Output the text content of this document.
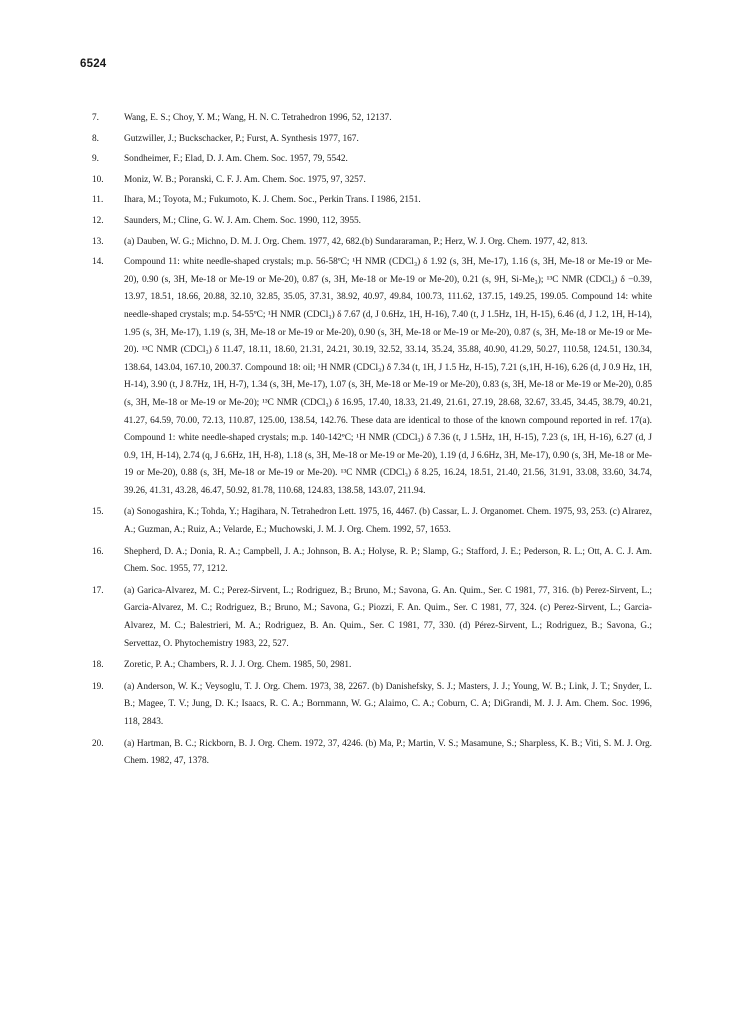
6524
7.	Wang, E. S.; Choy, Y. M.; Wang, H. N. C. Tetrahedron 1996, 52, 12137.
8.	Gutzwiller, J.; Buckschacker, P.; Furst, A. Synthesis 1977, 167.
9.	Sondheimer, F.; Elad, D. J. Am. Chem. Soc. 1957, 79, 5542.
10. Moniz, W. B.; Poranski, C. F. J. Am. Chem. Soc. 1975, 97, 3257.
11. Ihara, M.; Toyota, M.; Fukumoto, K. J. Chem. Soc., Perkin Trans. I 1986, 2151.
12. Saunders, M.; Cline, G. W. J. Am. Chem. Soc. 1990, 112, 3955.
13. (a) Dauben, W. G.; Michno, D. M. J. Org. Chem. 1977, 42, 682.(b) Sundararaman, P.; Herz, W. J. Org. Chem. 1977, 42, 813.
14. Compound 11: white needle-shaped crystals; m.p. 56-58ºC; ¹H NMR (CDCl₃) δ 1.92 (s, 3H, Me-17), 1.16 (s, 3H, Me-18 or Me-19 or Me-20), 0.90 (s, 3H, Me-18 or Me-19 or Me-20), 0.87 (s, 3H, Me-18 or Me-19 or Me-20), 0.21 (s, 9H, Si-Me₃); ¹³C NMR (CDCl₃) δ −0.39, 13.97, 18.51, 18.66, 20.88, 32.10, 32.85, 35.05, 37.31, 38.92, 40.97, 49.84, 100.73, 111.62, 137.15, 149.25, 199.05. Compound 14: white needle-shaped crystals; m.p. 54-55ºC; ¹H NMR (CDCl₃) δ 7.67 (d, J 0.6Hz, 1H, H-16), 7.40 (t, J 1.5Hz, 1H, H-15), 6.46 (d, J 1.2, 1H, H-14), 1.95 (s, 3H, Me-17), 1.19 (s, 3H, Me-18 or Me-19 or Me-20), 0.90 (s, 3H, Me-18 or Me-19 or Me-20), 0.87 (s, 3H, Me-18 or Me-19 or Me-20). ¹³C NMR (CDCl₃) δ 11.47, 18.11, 18.60, 21.31, 24.21, 30.19, 32.52, 33.14, 35.24, 35.88, 40.90, 41.29, 50.27, 110.58, 124.51, 130.34, 138.64, 143.04, 167.10, 200.37. Compound 18: oil; ¹H NMR (CDCl₃) δ 7.34 (t, 1H, J 1.5 Hz, H-15), 7.21 (s,1H, H-16), 6.26 (d, J 0.9 Hz, 1H, H-14), 3.90 (t, J 8.7Hz, 1H, H-7), 1.34 (s, 3H, Me-17), 1.07 (s, 3H, Me-18 or Me-19 or Me-20), 0.83 (s, 3H, Me-18 or Me-19 or Me-20), 0.85 (s, 3H, Me-18 or Me-19 or Me-20); ¹³C NMR (CDCl₃) δ 16.95, 17.40, 18.33, 21.49, 21.61, 27.19, 28.68, 32.67, 33.45, 34.45, 38.79, 40.21, 41.27, 64.59, 70.00, 72.13, 110.87, 125.00, 138.54, 142.76. These data are identical to those of the known compound reported in ref. 17(a). Compound 1: white needle-shaped crystals; m.p. 140-142ºC; ¹H NMR (CDCl₃) δ 7.36 (t, J 1.5Hz, 1H, H-15), 7.23 (s, 1H, H-16), 6.27 (d, J 0.9, 1H, H-14), 2.74 (q, J 6.6Hz, 1H, H-8), 1.18 (s, 3H, Me-18 or Me-19 or Me-20), 1.19 (d, J 6.6Hz, 3H, Me-17), 0.90 (s, 3H, Me-18 or Me-19 or Me-20), 0.88 (s, 3H, Me-18 or Me-19 or Me-20). ¹³C NMR (CDCl₃) δ 8.25, 16.24, 18.51, 21.40, 21.56, 31.91, 33.08, 33.60, 34.74, 39.26, 41.31, 43.28, 46.47, 50.92, 81.78, 110.68, 124.83, 138.58, 143.07, 211.94.
15. (a) Sonogashira, K.; Tohda, Y.; Hagihara, N. Tetrahedron Lett. 1975, 16, 4467. (b) Cassar, L. J. Organomet. Chem. 1975, 93, 253. (c) Alrarez, A.; Guzman, A.; Ruiz, A.; Velarde, E.; Muchowski, J. M. J. Org. Chem. 1992, 57, 1653.
16. Shepherd, D. A.; Donia, R. A.; Campbell, J. A.; Johnson, B. A.; Holyse, R. P.; Slamp, G.; Stafford, J. E.; Pederson, R. L.; Ott, A. C. J. Am. Chem. Soc. 1955, 77, 1212.
17. (a) Garica-Alvarez, M. C.; Perez-Sirvent, L.; Rodriguez, B.; Bruno, M.; Savona, G. An. Quim., Ser. C 1981, 77, 316. (b) Perez-Sirvent, L.; Garcia-Alvarez, M. C.; Rodriguez, B.; Bruno, M.; Savona, G.; Piozzi, F. An. Quim., Ser. C 1981, 77, 324. (c) Perez-Sirvent, L.; Garcia-Alvarez, M. C.; Balestrieri, M. A.; Rodriguez, B. An. Quim., Ser. C 1981, 77, 330. (d) Pérez-Sirvent, L.; Rodriguez, B.; Savona, G.; Servettaz, O. Phytochemistry 1983, 22, 527.
18. Zoretic, P. A.; Chambers, R. J. J. Org. Chem. 1985, 50, 2981.
19. (a) Anderson, W. K.; Veysoglu, T. J. Org. Chem. 1973, 38, 2267. (b) Danishefsky, S. J.; Masters, J. J.; Young, W. B.; Link, J. T.; Snyder, L. B.; Magee, T. V.; Jung, D. K.; Isaacs, R. C. A.; Bornmann, W. G.; Alaimo, C. A.; Coburn, C. A; DiGrandi, M. J. J. Am. Chem. Soc. 1996, 118, 2843.
20. (a) Hartman, B. C.; Rickborn, B. J. Org. Chem. 1972, 37, 4246. (b) Ma, P.; Martin, V. S.; Masamune, S.; Sharpless, K. B.; Viti, S. M. J. Org. Chem. 1982, 47, 1378.
